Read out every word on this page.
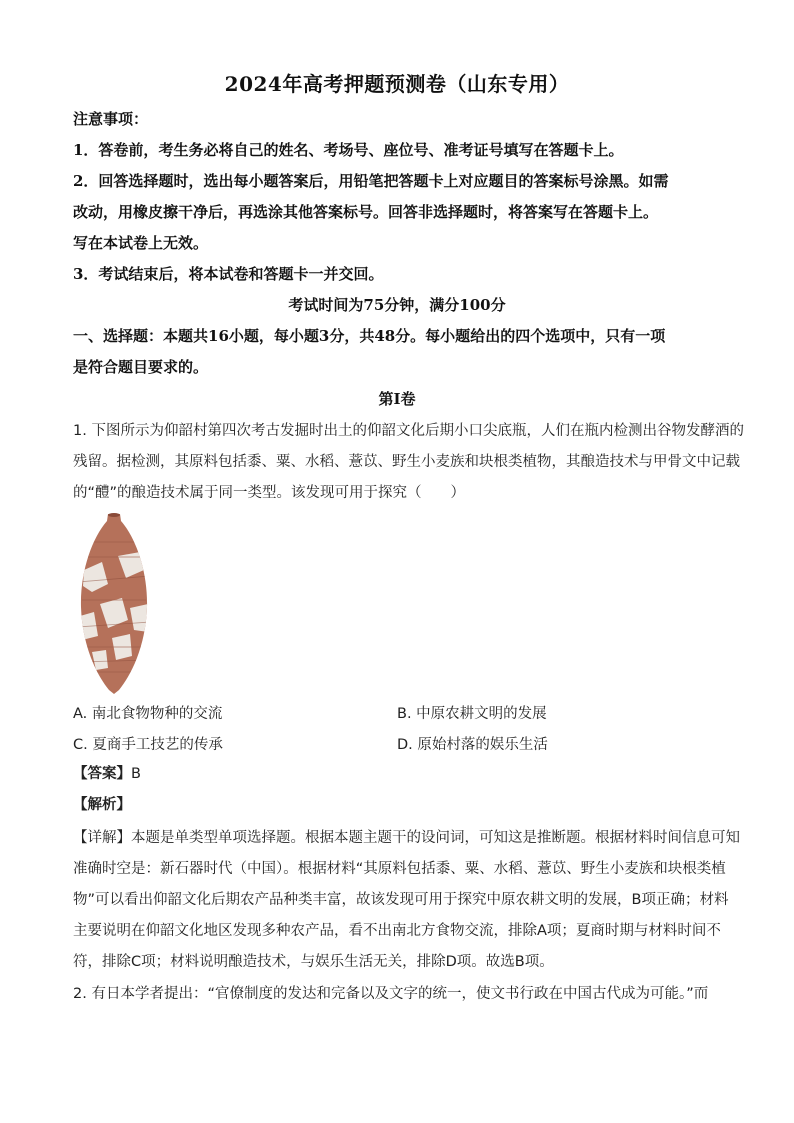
2024年高考押题预测卷（山东专用）
注意事项：
1．答卷前，考生务必将自己的姓名、考场号、座位号、准考证号填写在答题卡上。
2．回答选择题时，选出每小题答案后，用铅笔把答题卡上对应题目的答案标号涂黑。如需
改动，用橡皮擦干净后，再选涂其他答案标号。回答非选择题时，将答案写在答题卡上。
写在本试卷上无效。
3．考试结束后，将本试卷和答题卡一并交回。
考试时间为75分钟，满分100分
一、选择题：本题共16小题，每小题3分，共48分。每小题给出的四个选项中，只有一项
是符合题目要求的。
第Ⅰ卷
1. 下图所示为仰韶村第四次考古发掘时出土的仰韶文化后期小口尖底瓶，人们在瓶内检测出谷物发酵酒的
残留。据检测，其原料包括黍、粟、水稻、薏苡、野生小麦族和块根类植物，其酿造技术与甲骨文中记载
的“醴”的酿造技术属于同一类型。该发现可用于探究（　　）
A. 南北食物物种的交流	B. 中原农耕文明的发展
C. 夏商手工技艺的传承	D. 原始村落的娱乐生活
【答案】B
【解析】
【详解】本题是单类型单项选择题。根据本题主题干的设问词，可知这是推断题。根据材料时间信息可知
准确时空是：新石器时代（中国）。根据材料“其原料包括黍、粟、水稻、薏苡、野生小麦族和块根类植
物”可以看出仰韶文化后期农产品种类丰富，故该发现可用于探究中原农耕文明的发展，B项正确；材料
主要说明在仰韶文化地区发现多种农产品，看不出南北方食物交流，排除A项；夏商时期与材料时间不
符，排除C项；材料说明酿造技术，与娱乐生活无关，排除D项。故选B项。
2. 有日本学者提出：“官僚制度的发达和完备以及文字的统一，使文书行政在中国古代成为可能。”而
